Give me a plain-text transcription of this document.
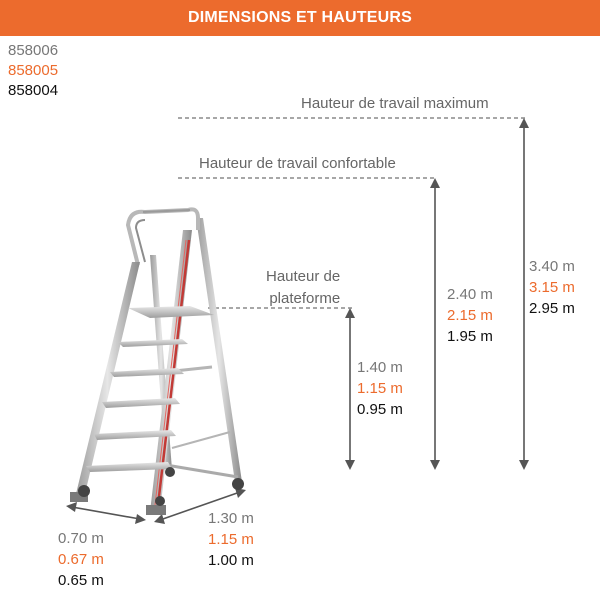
DIMENSIONS ET HAUTEURS
858006
858005
858004
Hauteur de travail maximum
Hauteur de travail confortable
Hauteur de
plateforme
1.40 m
1.15 m
0.95 m
2.40 m
2.15 m
1.95 m
3.40 m
3.15 m
2.95 m
0.70 m
0.67 m
0.65 m
1.30 m
1.15 m
1.00 m
